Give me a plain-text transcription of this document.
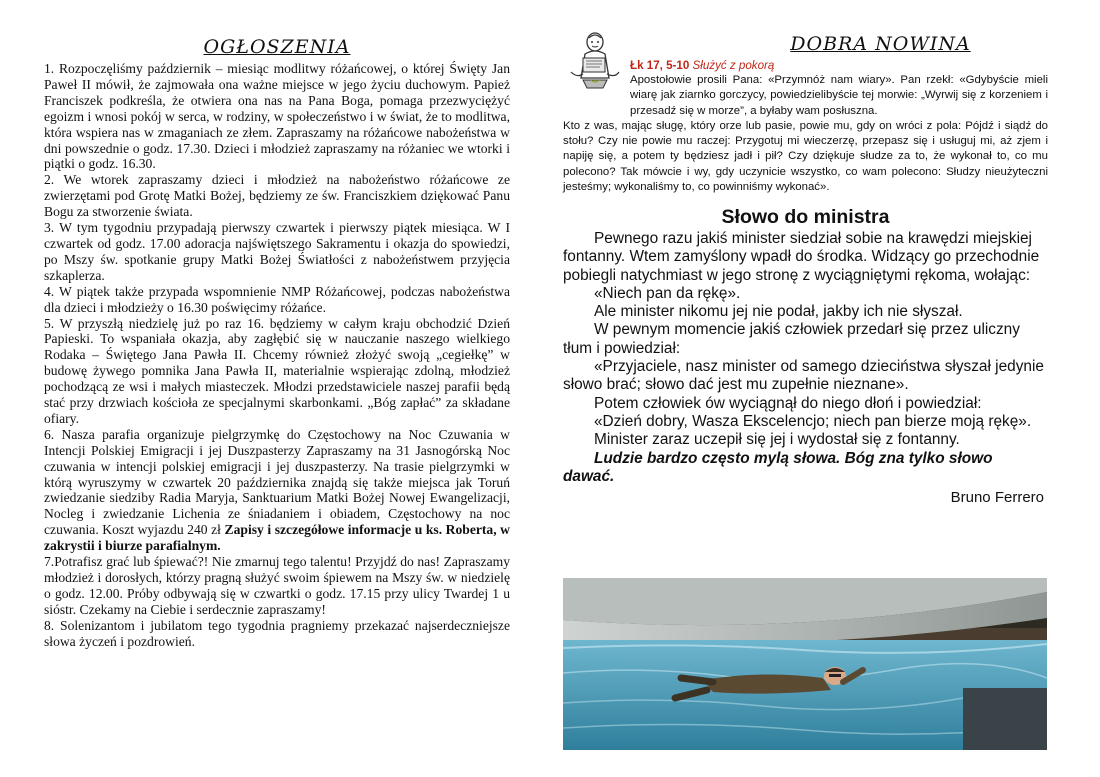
OGŁOSZENIA

1. Rozpoczęliśmy październik – miesiąc modlitwy różańcowej, o której Święty Jan Paweł II mówił, że zajmowała ona ważne miejsce w jego życiu duchowym. Papież Franciszek podkreśla, że otwiera ona nas na Pana Boga, pomaga przezwyciężyć egoizm i wnosi pokój w serca, w rodziny, w społeczeństwo i w świat, że to modlitwa, która wspiera nas w zmaganiach ze złem. Zapraszamy na różańcowe nabożeństwa w dni powszednie o godz. 17.30. Dzieci i młodzież zapraszamy na różaniec we wtorki i piątki o godz. 16.30.

2. We wtorek zapraszamy dzieci i młodzież na nabożeństwo różańcowe ze zwierzętami pod Grotę Matki Bożej, będziemy ze św. Franciszkiem dziękować Panu Bogu za stworzenie świata.

3. W tym tygodniu przypadają pierwszy czwartek i pierwszy piątek miesiąca. W I czwartek od godz. 17.00 adoracja najświętszego Sakramentu i okazja do spowiedzi, po Mszy św. spotkanie grupy Matki Bożej Światłości z nabożeństwem przyjęcia szkaplerza.

4. W piątek także przypada wspomnienie NMP Różańcowej, podczas nabożeństwa dla dzieci i młodzieży o 16.30 poświęcimy różańce.

5. W przyszłą niedzielę już po raz 16. będziemy w całym kraju obchodzić Dzień Papieski. To wspaniała okazja, aby zagłębić się w nauczanie naszego wielkiego Rodaka – Świętego Jana Pawła II. Chcemy również złożyć swoją „cegiełkę” w budowę żywego pomnika Jana Pawła II, materialnie wspierając zdolną, młodzież pochodzącą ze wsi i małych miasteczek. Młodzi przedstawiciele naszej parafii będą stać przy drzwiach kościoła ze specjalnymi skarbonkami. „Bóg zapłać” za składane ofiary.

6. Nasza parafia organizuje pielgrzymkę do Częstochowy na Noc Czuwania w Intencji Polskiej Emigracji i jej Duszpasterzy Zapraszamy na 31 Jasnogórską Noc czuwania w intencji polskiej emigracji i jej duszpasterzy. Na trasie pielgrzymki w którą wyruszymy w czwartek 20 października znajdą się także miejsca jak Toruń zwiedzanie siedziby Radia Maryja, Sanktuarium Matki Bożej Nowej Ewangelizacji, Nocleg i zwiedzanie Lichenia ze śniadaniem i obiadem, Częstochowy na noc czuwania. Koszt wyjazdu 240 zł Zapisy i szczegółowe informacje u ks. Roberta, w zakrystii i biurze parafialnym.

7.Potrafisz grać lub śpiewać?! Nie zmarnuj tego talentu! Przyjdź do nas! Zapraszamy młodzież i dorosłych, którzy pragną służyć swoim śpiewem na Mszy św. w niedzielę o godz. 12.00. Próby odbywają się w czwartki o godz. 17.15 przy ulicy Twardej 1 u sióstr. Czekamy na Ciebie i serdecznie zapraszamy!

8. Solenizantom i jubilatom tego tygodnia pragniemy przekazać najserdeczniejsze słowa życzeń i pozdrowień.

DOBRA NOWINA
Łk 17, 5-10 Służyć z pokorą
Apostołowie prosili Pana: «Przymnóż nam wiary». Pan rzekł: «Gdybyście mieli wiarę jak ziarnko gorczycy, powiedzielibyście tej morwie: „Wyrwij się z korzeniem i przesadź się w morze”, a byłaby wam posłuszna.
Kto z was, mając sługę, który orze lub pasie, powie mu, gdy on wróci z pola: Pójdź i siądź do stołu? Czy nie powie mu raczej: Przygotuj mi wieczerzę, przepasz się i usługuj mi, aż zjem i napiję się, a potem ty będziesz jadł i pił? Czy dziękuje słudze za to, że wykonał to, co mu polecono? Tak mówcie i wy, gdy uczynicie wszystko, co wam polecono: Słudzy nieużyteczni jesteśmy; wykonaliśmy to, co powinniśmy wykonać».
Słowo do ministra

Pewnego razu jakiś minister siedział sobie na krawędzi miejskiej fontanny. Wtem zamyślony wpadł do środka. Widzący go przechodnie pobiegli natychmiast w jego stronę z wyciągniętymi rękoma, wołając:

«Niech pan da rękę».

Ale minister nikomu jej nie podał, jakby ich nie słyszał.

W pewnym momencie jakiś człowiek przedarł się przez uliczny tłum i powiedział:

«Przyjaciele, nasz minister od samego dzieciństwa słyszał jedynie słowo brać; słowo dać jest mu zupełnie nieznane».

Potem człowiek ów wyciągnął do niego dłoń i powiedział:

«Dzień dobry, Wasza Ekscelencjo; niech pan bierze moją rękę».

Minister zaraz uczepił się jej i wydostał się z fontanny.

Ludzie bardzo często mylą słowa. Bóg zna tylko słowo dawać.

Bruno Ferrero
